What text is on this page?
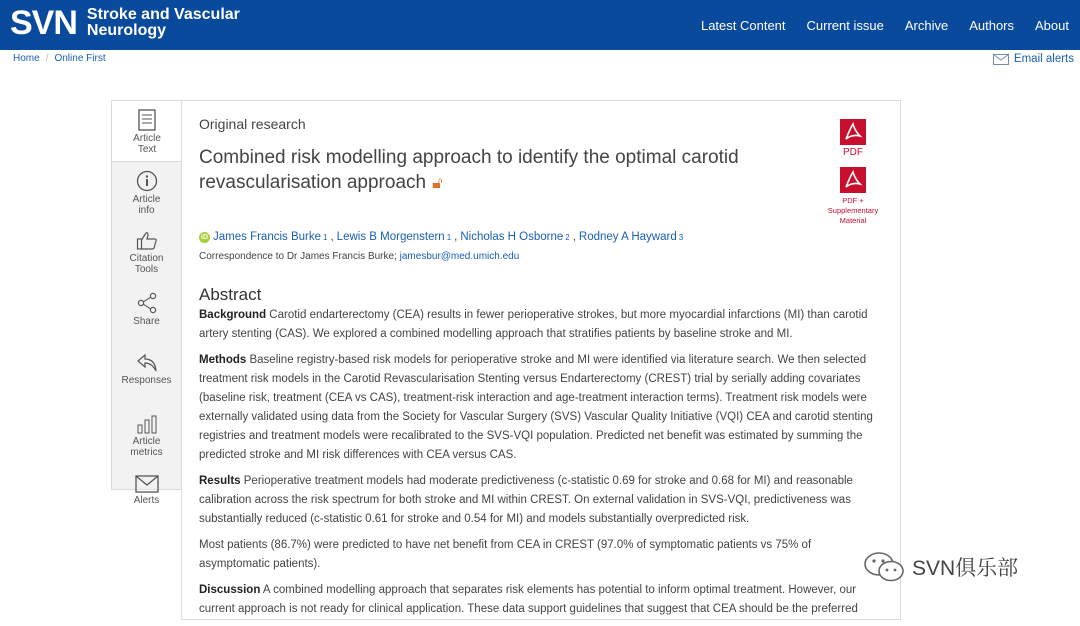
SVN Stroke and Vascular
Neurology	Latest Content Current issue Archive Authors About
Home / Online First	Email alerts
Article
Text
Article
info
Citation
Tools
Share
Responses
Article
metrics
Alerts
Original research
Combined risk modelling approach to identify the optimal carotid revascularisation approach 🔓︎

PDF

PDF +
Supplementary
Material
iD James Francis Burke 1 , Lewis B Morgenstern 1 , Nicholas H Osborne 2 , Rodney A Hayward 3
Correspondence to Dr James Francis Burke; jamesbur@med.umich.edu
Abstract

Background Carotid endarterectomy (CEA) results in fewer perioperative strokes, but more myocardial infarctions (MI) than carotid artery stenting (CAS). We explored a combined modelling approach that stratifies patients by baseline stroke and MI.

Methods Baseline registry-based risk models for perioperative stroke and MI were identified via literature search. We then selected treatment risk models in the Carotid Revascularisation Stenting versus Endarterectomy (CREST) trial by serially adding covariates (baseline risk, treatment (CEA vs CAS), treatment-risk interaction and age-treatment interaction terms). Treatment risk models were externally validated using data from the Society for Vascular Surgery (SVS) Vascular Quality Initiative (VQI) CEA and carotid stenting registries and treatment models were recalibrated to the SVS-VQI population. Predicted net benefit was estimated by summing the predicted stroke and MI risk differences with CEA versus CAS.

Results Perioperative treatment models had moderate predictiveness (c-statistic 0.69 for stroke and 0.68 for MI) and reasonable calibration across the risk spectrum for both stroke and MI within CREST. On external validation in SVS-VQI, predictiveness was substantially reduced (c-statistic 0.61 for stroke and 0.54 for MI) and models substantially overpredicted risk.

Most patients (86.7%) were predicted to have net benefit from CEA in CREST (97.0% of symptomatic patients vs 75% of asymptomatic patients).

Discussion A combined modelling approach that separates risk elements has potential to inform optimal treatment. However, our current approach is not ready for clinical application. These data support guidelines that suggest that CEA should be the preferred

SVN俱乐部
